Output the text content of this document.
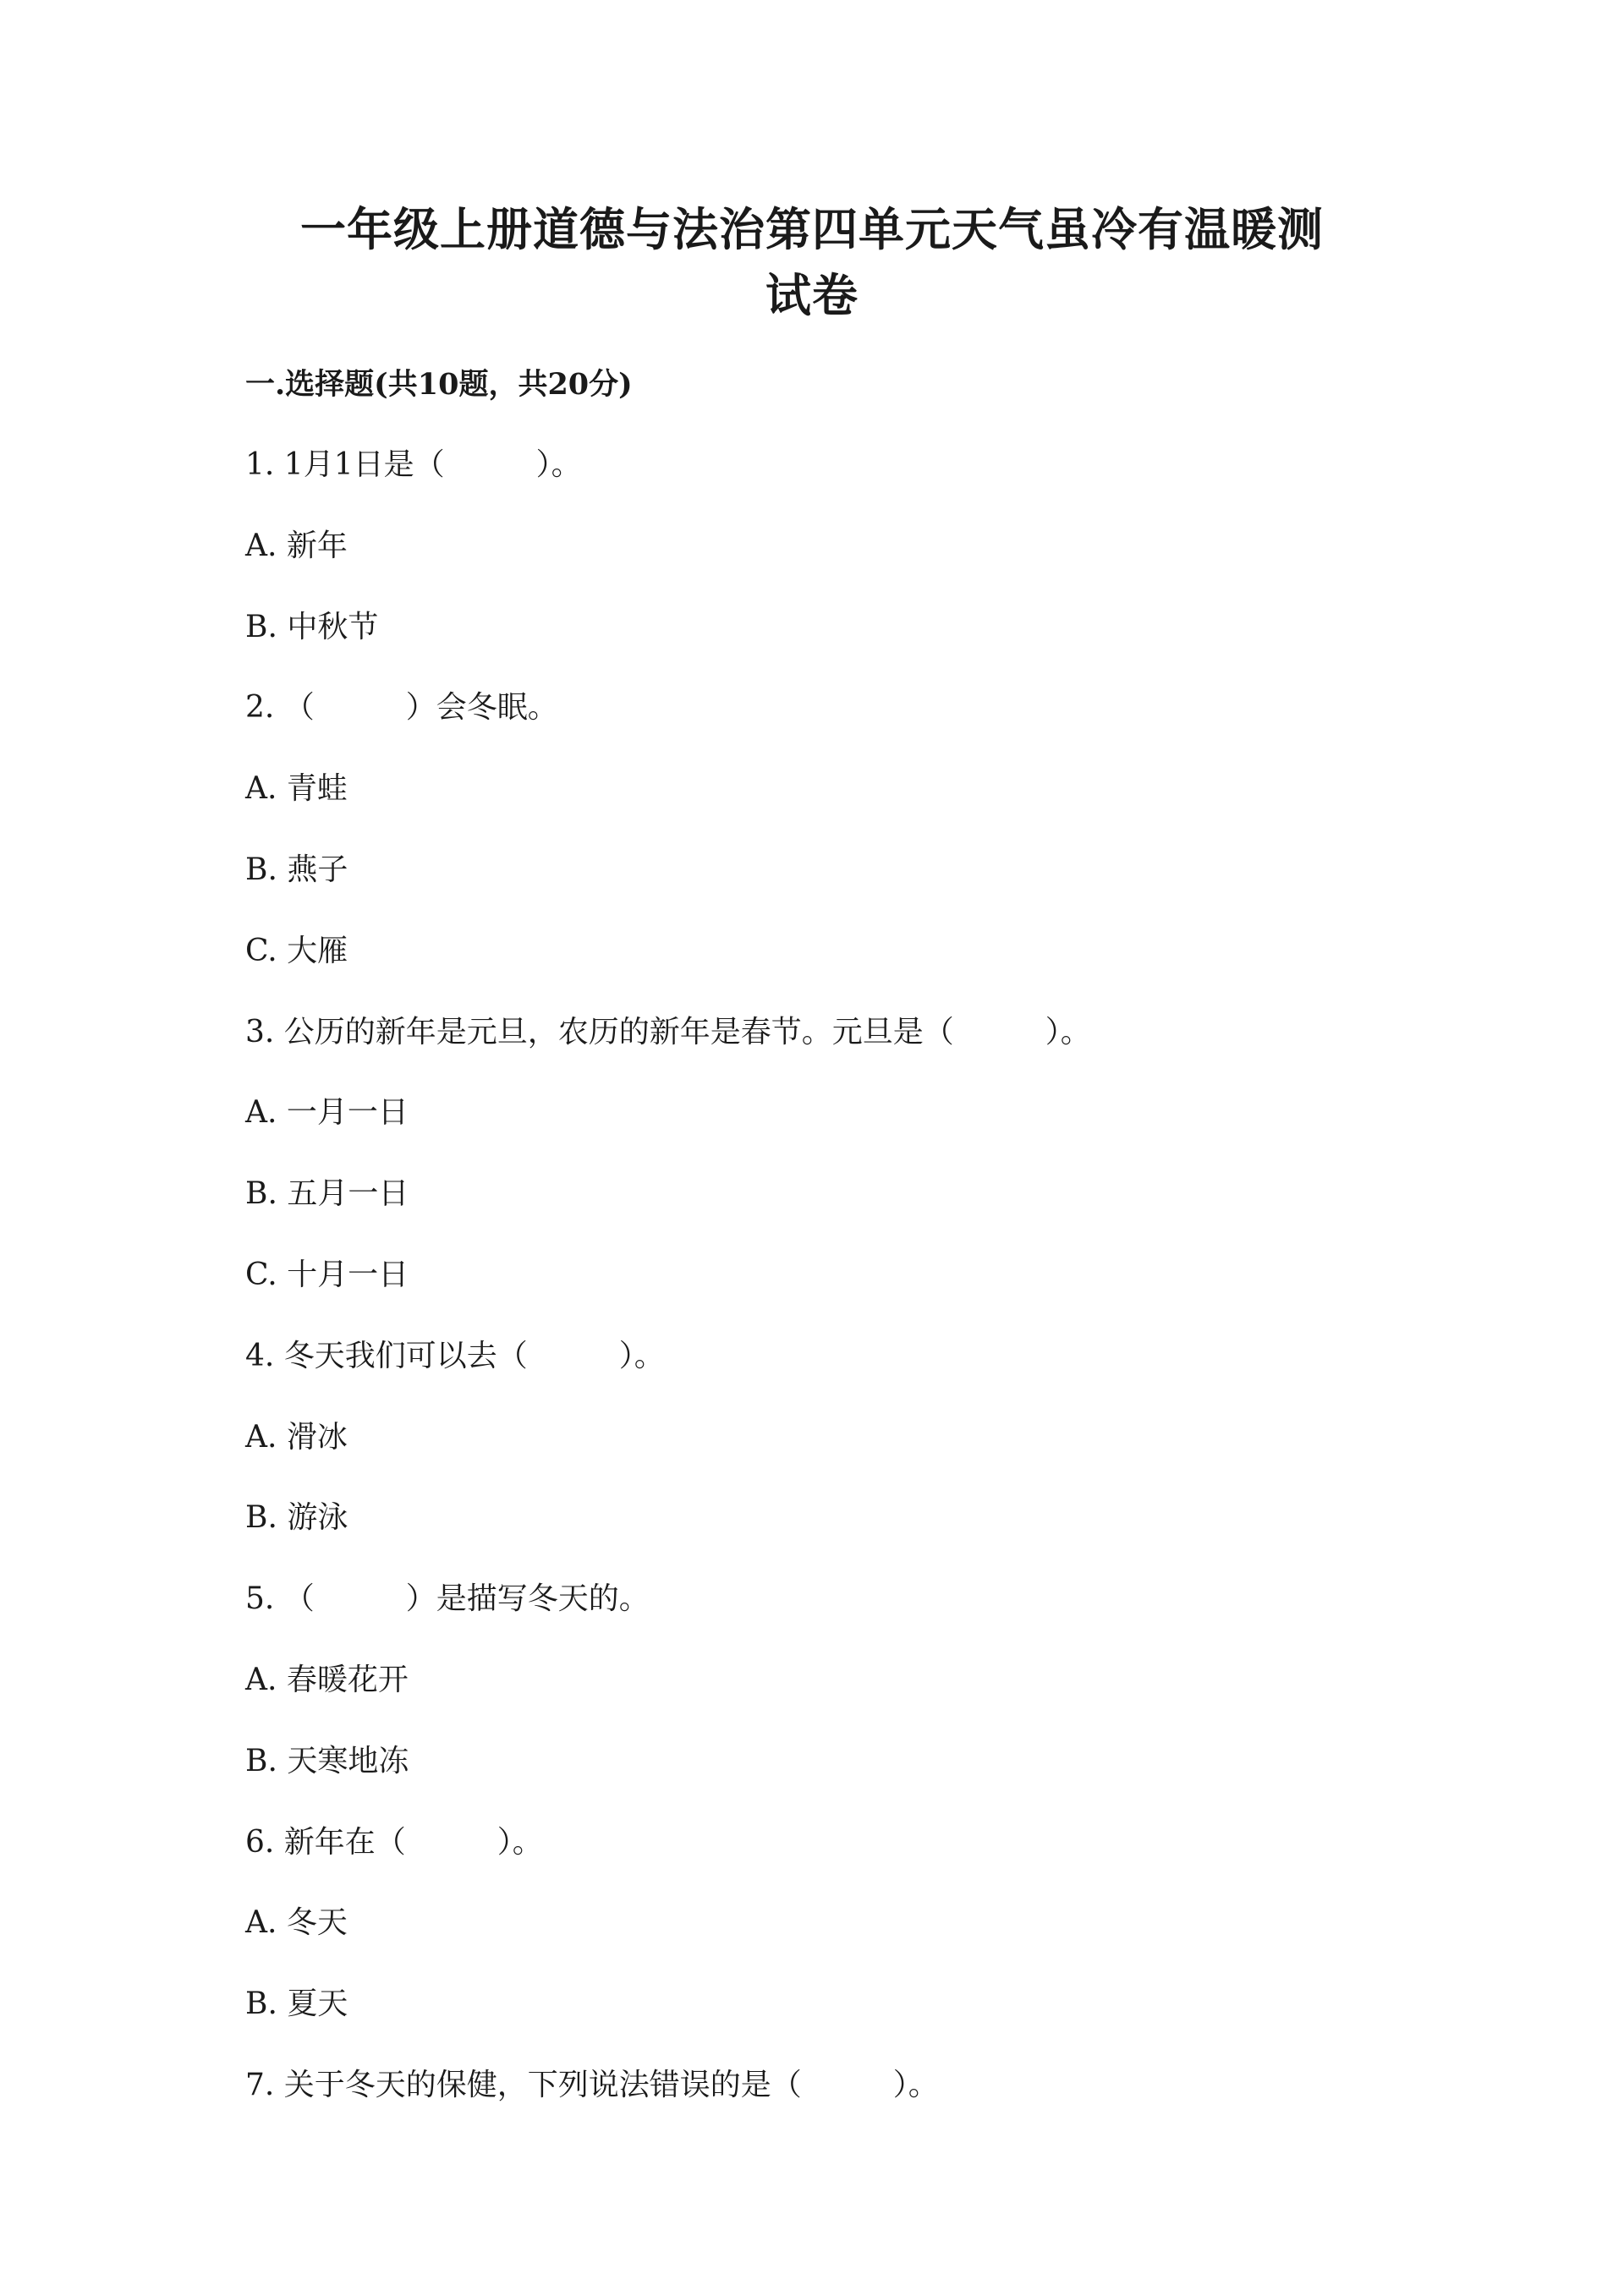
一年级上册道德与法治第四单元天气虽冷有温暖测
试卷
一.选择题(共10题，共20分)
1. 1月1日是（　　　）。
A. 新年
B. 中秋节
2. （　　　）会冬眠。
A. 青蛙
B. 燕子
C. 大雁
3. 公历的新年是元旦，农历的新年是春节。元旦是（　　　）。
A. 一月一日
B. 五月一日
C. 十月一日
4. 冬天我们可以去（　　　）。
A. 滑冰
B. 游泳
5. （　　　）是描写冬天的。
A. 春暖花开
B. 天寒地冻
6. 新年在（　　　）。
A. 冬天
B. 夏天
7. 关于冬天的保健，下列说法错误的是（　　　）。
